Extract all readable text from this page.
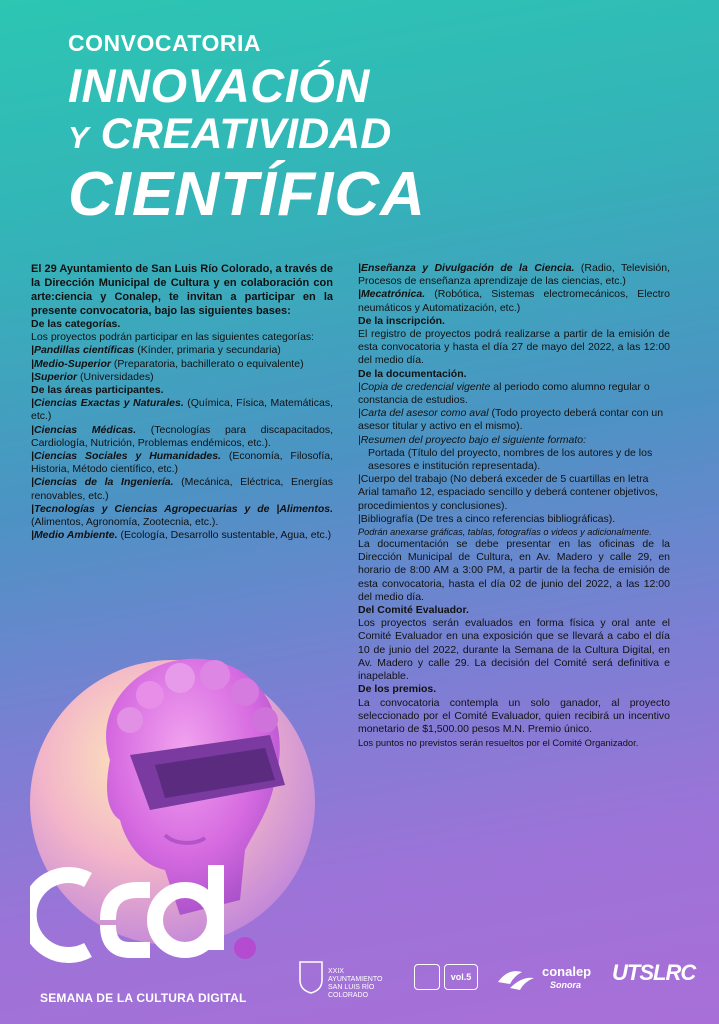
CONVOCATORIA
INNOVACIÓN
Y CREATIVIDAD
CIENTÍFICA

El 29 Ayuntamiento de San Luis Río Colorado, a través de la Dirección Municipal de Cultura y en colaboración con arte:ciencia y Conalep, te invitan a participar en la presente convocatoria, bajo las siguientes bases:

De las categorías.

Los proyectos podrán participar en las siguientes categorías:

|Pandillas científicas (Kínder, primaria y secundaria)

|Medio-Superior (Preparatoria, bachillerato o equivalente)

|Superior (Universidades)

De las áreas participantes.

|Ciencias Exactas y Naturales. (Química, Física, Matemáticas, etc.)

|Ciencias Médicas. (Tecnologías para discapacitados, Cardiología, Nutrición, Problemas endémicos, etc.).

|Ciencias Sociales y Humanidades. (Economía, Filosofía, Historia, Método científico, etc.)

|Ciencias de la Ingeniería. (Mecánica, Eléctrica, Energías renovables, etc.)

|Tecnologías y Ciencias Agropecuarias y de |Alimentos. (Alimentos, Agronomía, Zootecnia, etc.).

|Medio Ambiente. (Ecología, Desarrollo sustentable, Agua, etc.)

|Enseñanza y Divulgación de la Ciencia. (Radio, Televisión, Procesos de enseñanza aprendizaje de las ciencias, etc.)

|Mecatrónica. (Robótica, Sistemas electromecánicos, Electro neumáticos y Automatización, etc.)

De la inscripción.

El registro de proyectos podrá realizarse a partir de la emisión de esta convocatoria y hasta el día 27 de mayo del 2022, a las 12:00 del medio día.

De la documentación.

|Copia de credencial vigente al periodo como alumno regular o constancia de estudios.

|Carta del asesor como aval (Todo proyecto deberá contar con un asesor titular y activo en el mismo).

|Resumen del proyecto bajo el siguiente formato:

Portada (Título del proyecto, nombres de los autores y de los asesores e institución representada).

|Cuerpo del trabajo (No deberá exceder de 5 cuartillas en letra Arial tamaño 12, espaciado sencillo y deberá contener objetivos, procedimientos y conclusiones).

|Bibliografía (De tres a cinco referencias bibliográficas).

Podrán anexarse gráficas, tablas, fotografías o videos y adicionalmente.

La documentación se debe presentar en las oficinas de la Dirección Municipal de Cultura, en Av. Madero y calle 29, en horario de 8:00 AM a 3:00 PM, a partir de la fecha de emisión de esta convocatoria, hasta el día 02 de junio del 2022, a las 12:00 del medio día.

Del Comité Evaluador.

Los proyectos serán evaluados en forma física y oral ante el Comité Evaluador en una exposición que se llevará a cabo el día 10 de junio del 2022, durante la Semana de la Cultura Digital, en Av. Madero y calle 29. La decisión del Comité será definitiva e inapelable.

De los premios.

La convocatoria contempla un solo ganador, al proyecto seleccionado por el Comité Evaluador, quien recibirá un incentivo monetario de $1,500.00 pesos M.N. Premio único.

Los puntos no previstos serán resueltos por el Comité Organizador.

SEMANA DE LA CULTURA DIGITAL
XXIX AYUNTAMIENTO SAN LUIS RÍO COLORADO
vol.5	conalep
Sonora UTSLRC
